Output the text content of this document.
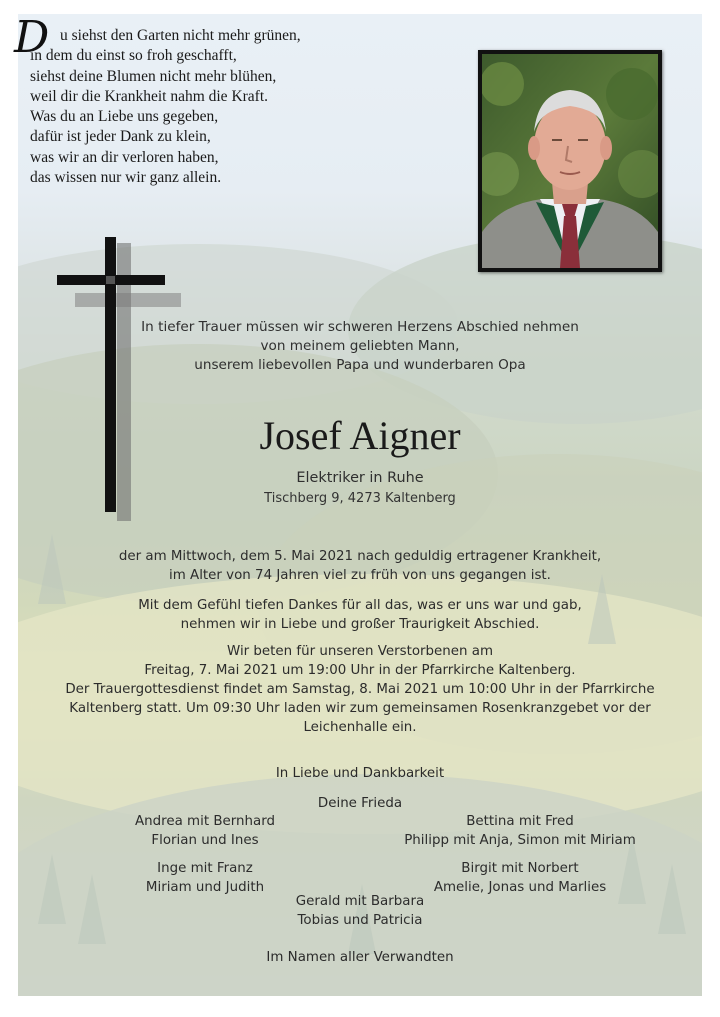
D u siehst den Garten nicht mehr grünen,
in dem du einst so froh geschafft,
siehst deine Blumen nicht mehr blühen,
weil dir die Krankheit nahm die Kraft.
Was du an Liebe uns gegeben,
dafür ist jeder Dank zu klein,
was wir an dir verloren haben,
das wissen nur wir ganz allein.
In tiefer Trauer müssen wir schweren Herzens Abschied nehmen
von meinem geliebten Mann,
unserem liebevollen Papa und wunderbaren Opa
Josef Aigner
Elektriker in Ruhe
Tischberg 9, 4273 Kaltenberg
der am Mittwoch, dem 5. Mai 2021 nach geduldig ertragener Krankheit,
im Alter von 74 Jahren viel zu früh von uns gegangen ist.
Mit dem Gefühl tiefen Dankes für all das, was er uns war und gab,
nehmen wir in Liebe und großer Traurigkeit Abschied.
Wir beten für unseren Verstorbenen am
Freitag, 7. Mai 2021 um 19:00 Uhr in der Pfarrkirche Kaltenberg.
Der Trauergottesdienst findet am Samstag, 8. Mai 2021 um 10:00 Uhr in der Pfarrkirche
Kaltenberg statt. Um 09:30 Uhr laden wir zum gemeinsamen Rosenkranzgebet vor der
Leichenhalle ein.
In Liebe und Dankbarkeit
Deine Frieda
Andrea mit Bernhard
Florian und Ines
Bettina mit Fred
Philipp mit Anja, Simon mit Miriam
Inge mit Franz
Miriam und Judith
Birgit mit Norbert
Amelie, Jonas und Marlies
Gerald mit Barbara
Tobias und Patricia
Im Namen aller Verwandten
